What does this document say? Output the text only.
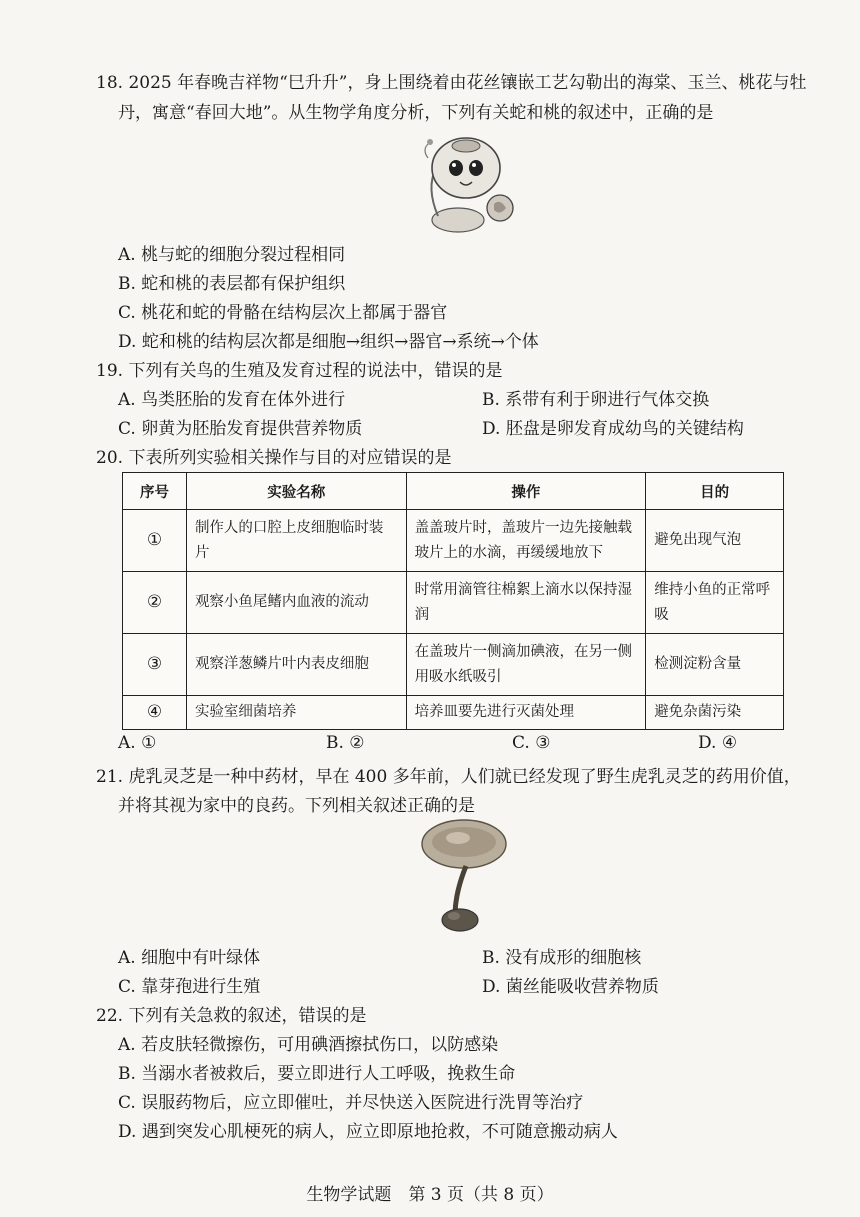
18. 2025 年春晚吉祥物“巳升升”，身上围绕着由花丝镶嵌工艺勾勒出的海棠、玉兰、桃花与牡
丹，寓意“春回大地”。从生物学角度分析，下列有关蛇和桃的叙述中，正确的是
A. 桃与蛇的细胞分裂过程相同
B. 蛇和桃的表层都有保护组织
C. 桃花和蛇的骨骼在结构层次上都属于器官
D. 蛇和桃的结构层次都是细胞→组织→器官→系统→个体
19. 下列有关鸟的生殖及发育过程的说法中，错误的是
A. 鸟类胚胎的发育在体外进行	B. 系带有利于卵进行气体交换
C. 卵黄为胚胎发育提供营养物质	D. 胚盘是卵发育成幼鸟的关键结构
20. 下表所列实验相关操作与目的对应错误的是
序号	实验名称	操作	目的
①	制作人的口腔上皮细胞临时装片	盖盖玻片时，盖玻片一边先接触载玻片上的水滴，再缓缓地放下	避免出现气泡
②	观察小鱼尾鳍内血液的流动	时常用滴管往棉絮上滴水以保持湿润	维持小鱼的正常呼吸
③	观察洋葱鳞片叶内表皮细胞	在盖玻片一侧滴加碘液，在另一侧用吸水纸吸引	检测淀粉含量
④	实验室细菌培养	培养皿要先进行灭菌处理	避免杂菌污染
A. ①	B. ②	C. ③	D. ④
21. 虎乳灵芝是一种中药材，早在 400 多年前，人们就已经发现了野生虎乳灵芝的药用价值，
并将其视为家中的良药。下列相关叙述正确的是
A. 细胞中有叶绿体	B. 没有成形的细胞核
C. 靠芽孢进行生殖	D. 菌丝能吸收营养物质
22. 下列有关急救的叙述，错误的是
A. 若皮肤轻微擦伤，可用碘酒擦拭伤口，以防感染
B. 当溺水者被救后，要立即进行人工呼吸，挽救生命
C. 误服药物后，应立即催吐，并尽快送入医院进行洗胃等治疗
D. 遇到突发心肌梗死的病人，应立即原地抢救，不可随意搬动病人
生物学试题　第 3 页（共 8 页）
